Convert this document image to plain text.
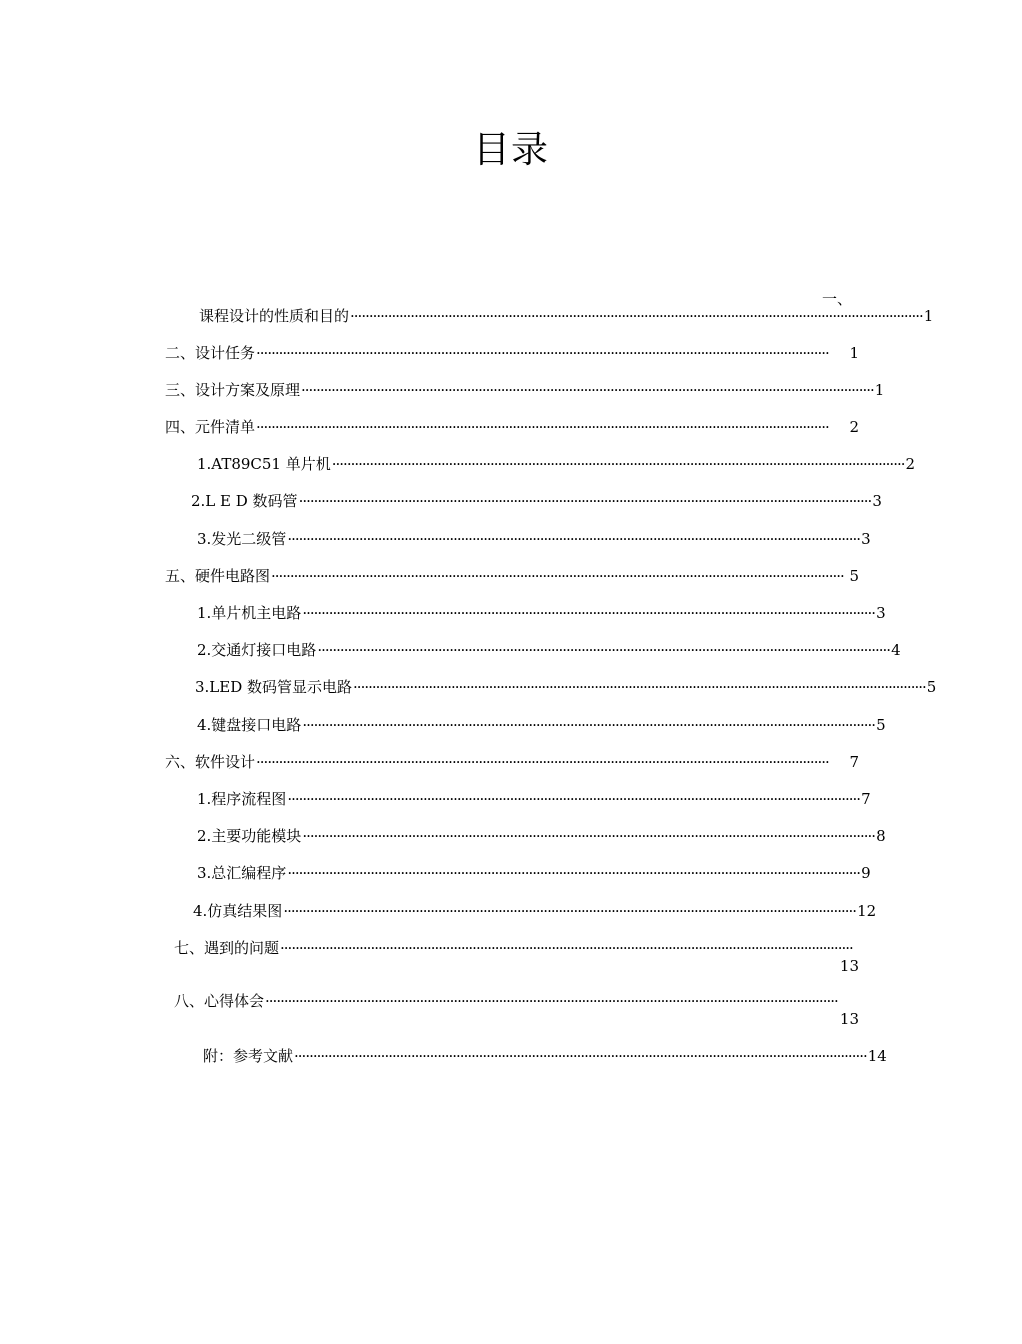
目录
一、
课程设计的性质和目的 ························································································································································ 1
二、设计任务 ························································································································································	1
三、设计方案及原理 ························································································································································ 1
四、元件清单 ························································································································································	2
1.AT89C51 单片机 ························································································································································ 2
2.L E D 数码管 ························································································································································ 3
3.发光二级管 ························································································································································ 3
五、硬件电路图 ························································································································································ 5
1.单片机主电路 ························································································································································ 3
2.交通灯接口电路 ························································································································································ 4
3.LED 数码管显示电路 ························································································································································ 5
4.键盘接口电路 ························································································································································ 5
六、软件设计 ························································································································································	7
1.程序流程图 ························································································································································ 7
2.主要功能模块 ························································································································································ 8
3.总汇编程序 ························································································································································ 9
4.仿真结果图 ························································································································································ 12
七、遇到的问题 ························································································································································
13
八、心得体会 ························································································································································
13
附：参考文献 ························································································································································ 14
